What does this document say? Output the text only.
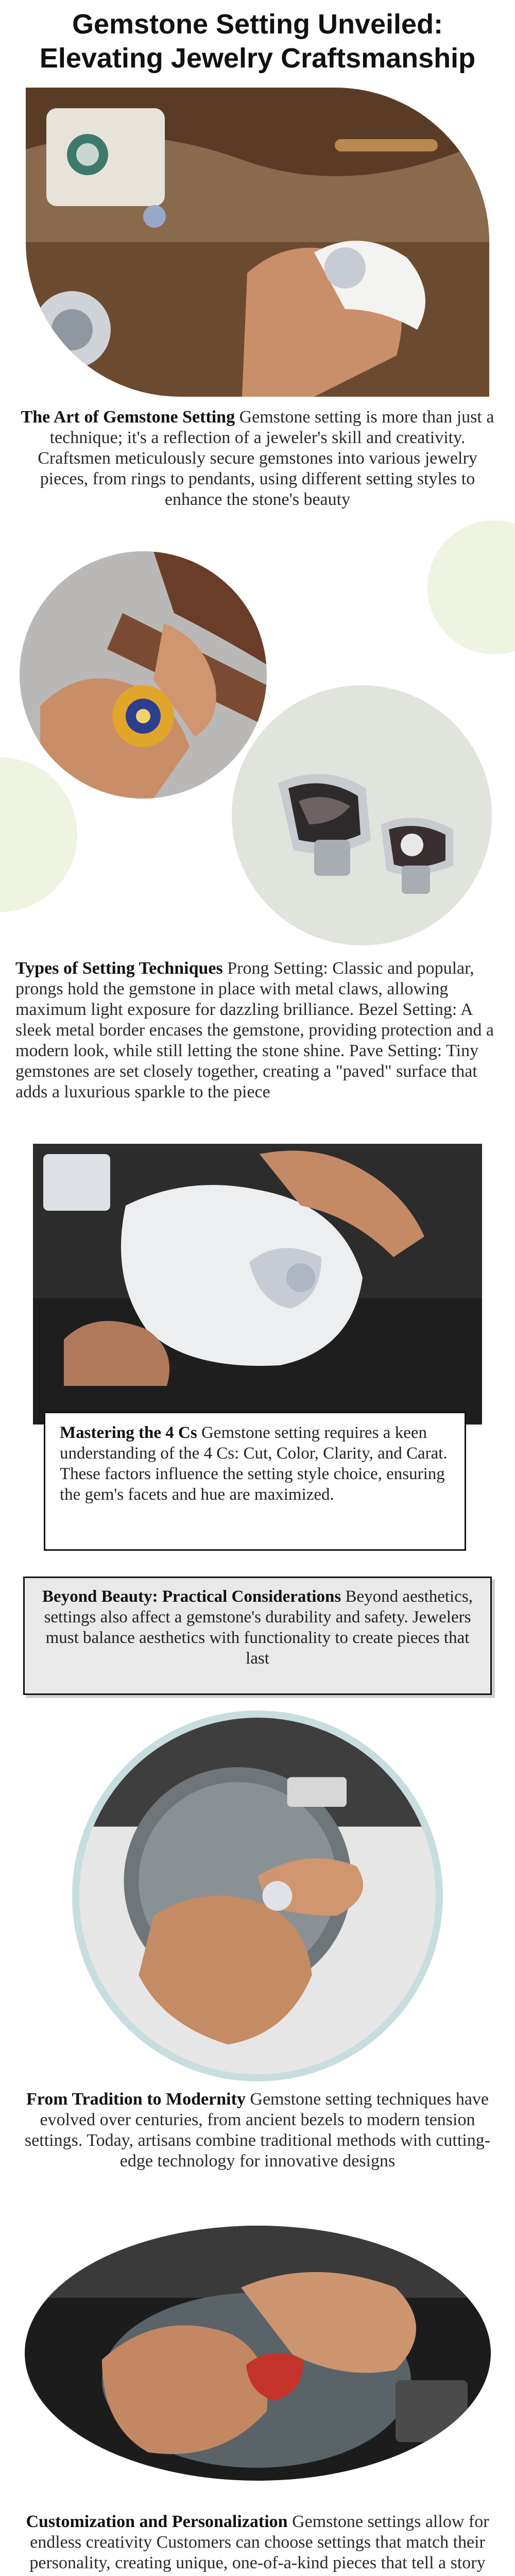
Gemstone Setting Unveiled:
Elevating Jewelry Craftsmanship

The Art of Gemstone Setting Gemstone setting is more than just a technique; it's a reflection of a jeweler's skill and creativity. Craftsmen meticulously secure gemstones into various jewelry pieces, from rings to pendants, using different setting styles to enhance the stone's beauty

Types of Setting Techniques Prong Setting: Classic and popular, prongs hold the gemstone in place with metal claws, allowing maximum light exposure for dazzling brilliance. Bezel Setting: A sleek metal border encases the gemstone, providing protection and a modern look, while still letting the stone shine. Pave Setting: Tiny gemstones are set closely together, creating a "paved" surface that adds a luxurious sparkle to the piece

Mastering the 4 Cs Gemstone setting requires a keen understanding of the 4 Cs: Cut, Color, Clarity, and Carat. These factors influence the setting style choice, ensuring the gem's facets and hue are maximized.
Beyond Beauty: Practical Considerations Beyond aesthetics, settings also affect a gemstone's durability and safety. Jewelers must balance aesthetics with functionality to create pieces that last

From Tradition to Modernity Gemstone setting techniques have evolved over centuries, from ancient bezels to modern tension settings. Today, artisans combine traditional methods with cutting-edge technology for innovative designs

Customization and Personalization Gemstone settings allow for endless creativity Customers can choose settings that match their personality, creating unique, one-of-a-kind pieces that tell a story
